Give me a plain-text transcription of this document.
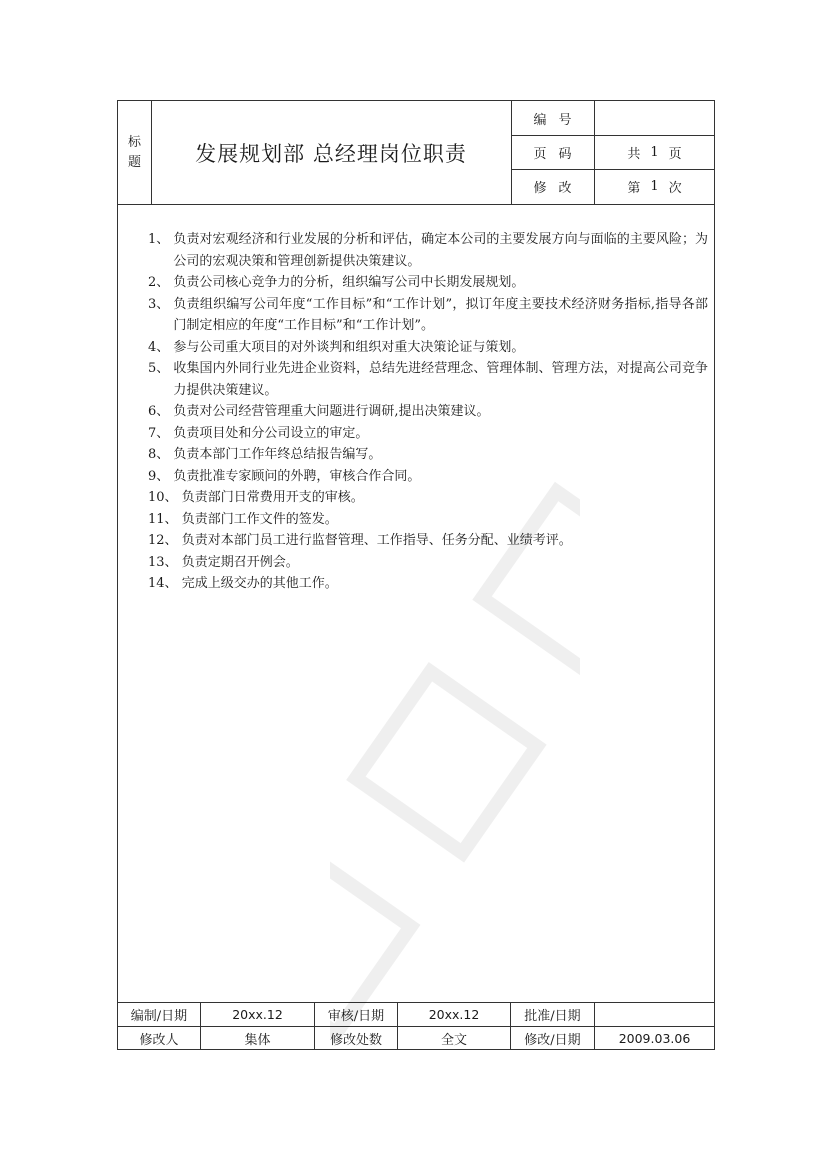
标
题	发展规划部 总经理岗位职责
编号
页码	共 1 页
修改	第 1 次
1、 负责对宏观经济和行业发展的分析和评估，确定本公司的主要发展方向与面临的主要风险；为公司的宏观决策和管理创新提供决策建议。
2、 负责公司核心竞争力的分析，组织编写公司中长期发展规划。
3、 负责组织编写公司年度“工作目标”和“工作计划”，拟订年度主要技术经济财务指标,指导各部门制定相应的年度“工作目标”和“工作计划”。
4、 参与公司重大项目的对外谈判和组织对重大决策论证与策划。
5、 收集国内外同行业先进企业资料，总结先进经营理念、管理体制、管理方法，对提高公司竞争力提供决策建议。
6、 负责对公司经营管理重大问题进行调研,提出决策建议。
7、 负责项目处和分公司设立的审定。
8、 负责本部门工作年终总结报告编写。
9、 负责批准专家顾问的外聘，审核合作合同。
10、 负责部门日常费用开支的审核。
11、 负责部门工作文件的签发。
12、 负责对本部门员工进行监督管理、工作指导、任务分配、业绩考评。
13、 负责定期召开例会。
14、 完成上级交办的其他工作。
编制/日期	20xx.12	审核/日期	20xx.12	批准/日期
修改人	集体	修改处数	全文	修改/日期	2009.03.06
